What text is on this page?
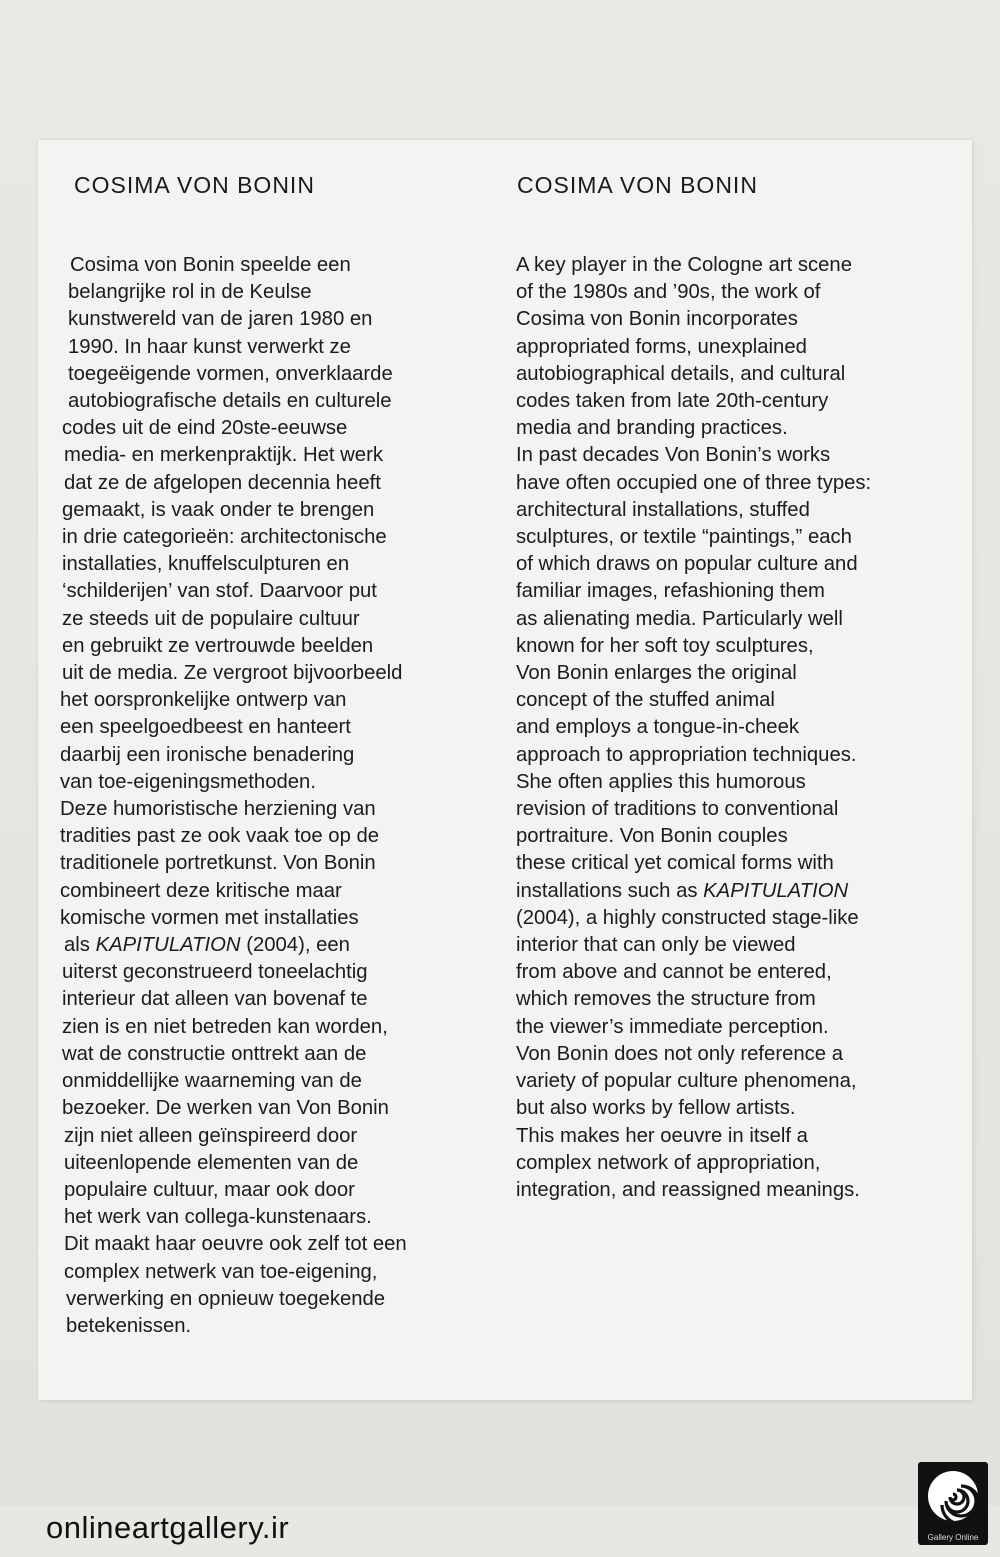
COSIMA VON BONIN	COSIMA VON BONIN
Cosima von Bonin speelde een
belangrijke rol in de Keulse
kunstwereld van de jaren 1980 en
1990. In haar kunst verwerkt ze
toegeëigende vormen, onverklaarde
autobiografische details en culturele
codes uit de eind 20ste-eeuwse
media- en merkenpraktijk. Het werk
dat ze de afgelopen decennia heeft
gemaakt, is vaak onder te brengen
in drie categorieën: architectonische
installaties, knuffelsculpturen en
‘schilderijen’ van stof. Daarvoor put
ze steeds uit de populaire cultuur
en gebruikt ze vertrouwde beelden
uit de media. Ze vergroot bijvoorbeeld
het oorspronkelijke ontwerp van
een speelgoedbeest en hanteert
daarbij een ironische benadering
van toe-eigeningsmethoden.
Deze humoristische herziening van
tradities past ze ook vaak toe op de
traditionele portretkunst. Von Bonin
combineert deze kritische maar
komische vormen met installaties
als KAPITULATION (2004), een
uiterst geconstrueerd toneelachtig
interieur dat alleen van bovenaf te
zien is en niet betreden kan worden,
wat de constructie onttrekt aan de
onmiddellijke waarneming van de
bezoeker. De werken van Von Bonin
zijn niet alleen geïnspireerd door
uiteenlopende elementen van de
populaire cultuur, maar ook door
het werk van collega-kunstenaars.
Dit maakt haar oeuvre ook zelf tot een
complex netwerk van toe-eigening,
verwerking en opnieuw toegekende
betekenissen.
A key player in the Cologne art scene
of the 1980s and ’90s, the work of
Cosima von Bonin incorporates
appropriated forms, unexplained
autobiographical details, and cultural
codes taken from late 20th-century
media and branding practices.
In past decades Von Bonin’s works
have often occupied one of three types:
architectural installations, stuffed
sculptures, or textile “paintings,” each
of which draws on popular culture and
familiar images, refashioning them
as alienating media. Particularly well
known for her soft toy sculptures,
Von Bonin enlarges the original
concept of the stuffed animal
and employs a tongue-in-cheek
approach to appropriation techniques.
She often applies this humorous
revision of traditions to conventional
portraiture. Von Bonin couples
these critical yet comical forms with
installations such as KAPITULATION
(2004), a highly constructed stage-like
interior that can only be viewed
from above and cannot be entered,
which removes the structure from
the viewer’s immediate perception.
Von Bonin does not only reference a
variety of popular culture phenomena,
but also works by fellow artists.
This makes her oeuvre in itself a
complex network of appropriation,
integration, and reassigned meanings.
onlineartgallery.ir	Gallery Online
